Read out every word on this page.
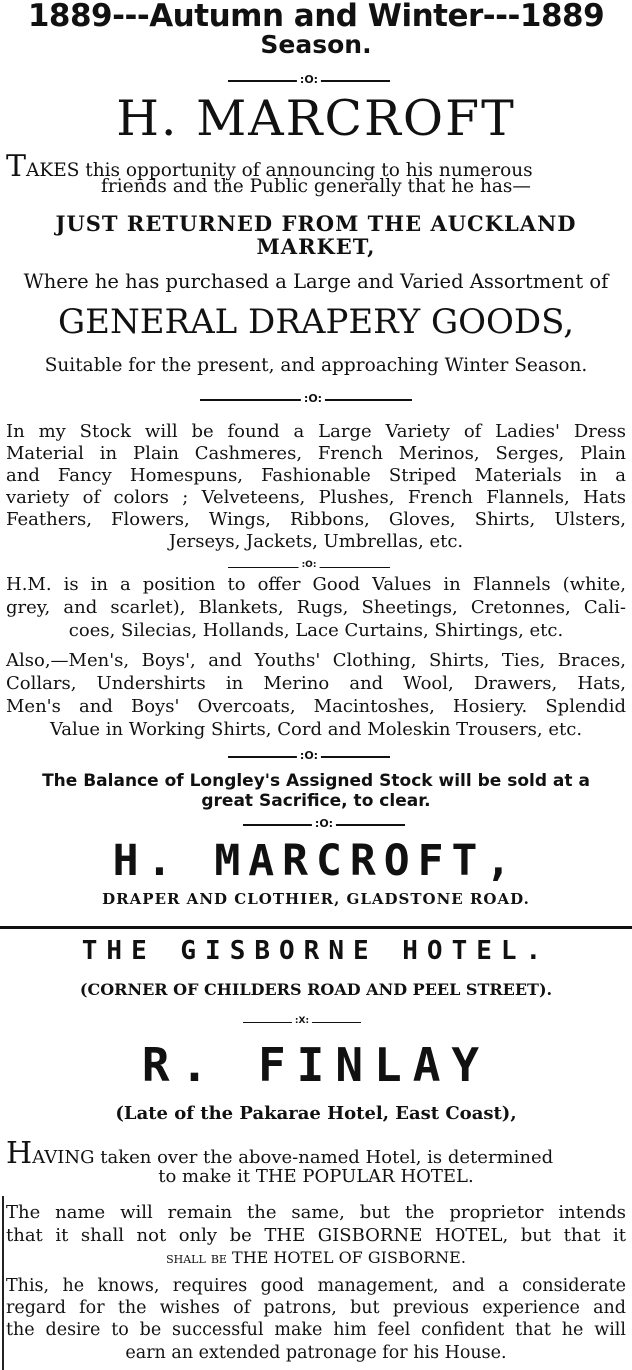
1889---Autumn and Winter---1889
Season.
:O:
H. MARCROFT
TAKES this opportunity of announcing to his numerous
friends and the Public generally that he has—
JUST RETURNED FROM THE AUCKLAND
MARKET,
Where he has purchased a Large and Varied Assortment of
GENERAL DRAPERY GOODS,
Suitable for the present, and approaching Winter Season.
:O:
In my Stock will be found a Large Variety of Ladies' Dress
Material in Plain Cashmeres, French Merinos, Serges, Plain
and Fancy Homespuns, Fashionable Striped Materials in a
variety of colors ; Velveteens, Plushes, French Flannels, Hats
Feathers, Flowers, Wings, Ribbons, Gloves, Shirts, Ulsters,
Jerseys, Jackets, Umbrellas, etc.
:O:
H.M. is in a position to offer Good Values in Flannels (white,
grey, and scarlet), Blankets, Rugs, Sheetings, Cretonnes, Cali-
coes, Silecias, Hollands, Lace Curtains, Shirtings, etc.
Also,—Men's, Boys', and Youths' Clothing, Shirts, Ties, Braces,
Collars, Undershirts in Merino and Wool, Drawers, Hats,
Men's and Boys' Overcoats, Macintoshes, Hosiery. Splendid
Value in Working Shirts, Cord and Moleskin Trousers, etc.
:O:
The Balance of Longley's Assigned Stock will be sold at a
great Sacrifice, to clear.
:O:
H. MARCROFT,
DRAPER AND CLOTHIER, GLADSTONE ROAD.
THE GISBORNE HOTEL.
(CORNER OF CHILDERS ROAD AND PEEL STREET).
:X:
R. FINLAY
(Late of the Pakarae Hotel, East Coast),
HAVING taken over the above-named Hotel, is determined
to make it THE POPULAR HOTEL.
The name will remain the same, but the proprietor intends
that it shall not only be THE GISBORNE HOTEL, but that it
shall be THE HOTEL OF GISBORNE.
This, he knows, requires good management, and a considerate
regard for the wishes of patrons, but previous experience and
the desire to be successful make him feel confident that he will
earn an extended patronage for his House.
